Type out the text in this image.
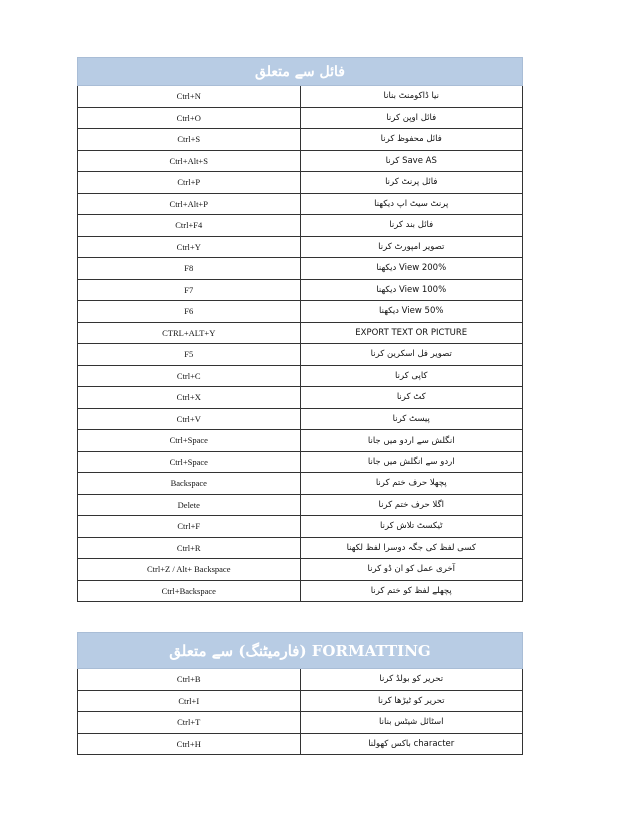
فائل سے متعلق	
Ctrl+N	نیا ڈاکومنٹ بنانا
Ctrl+O	فائل اوپن کرنا
Ctrl+S	فائل محفوظ کرنا
Ctrl+Alt+S	Save AS کرنا
Ctrl+P	فائل پرنٹ کرنا
Ctrl+Alt+P	پرنٹ سیٹ اپ دیکھنا
Ctrl+F4	فائل بند کرنا
Ctrl+Y	تصویر امپورٹ کرنا
F8	View 200% دیکھنا
F7	View 100% دیکھنا
F6	View 50% دیکھنا
CTRL+ALT+Y	EXPORT TEXT OR PICTURE
F5	تصویر فل اسکرین کرنا
Ctrl+C	کاپی کرنا
Ctrl+X	کٹ کرنا
Ctrl+V	پیسٹ کرنا
Ctrl+Space	انگلش سے اردو میں جانا
Ctrl+Space	اردو سے انگلش میں جانا
Backspace	پچھلا حرف ختم کرنا
Delete	اگلا حرف ختم کرنا
Ctrl+F	ٹیکسٹ تلاش کرنا
Ctrl+R	کسی لفظ کی جگہ دوسرا لفظ لکھنا
Ctrl+Z / Alt+ Backspace	آخری عمل کو ان ڈو کرنا
Ctrl+Backspace	پچھلے لفظ کو ختم کرنا
FORMATTING (فارمیٹنگ) سے متعلق	
Ctrl+B	تحریر کو بولڈ کرنا
Ctrl+I	تحریر کو ٹیڑھا کرنا
Ctrl+T	اسٹائل شیٹس بنانا
Ctrl+H	character باکس کھولنا
